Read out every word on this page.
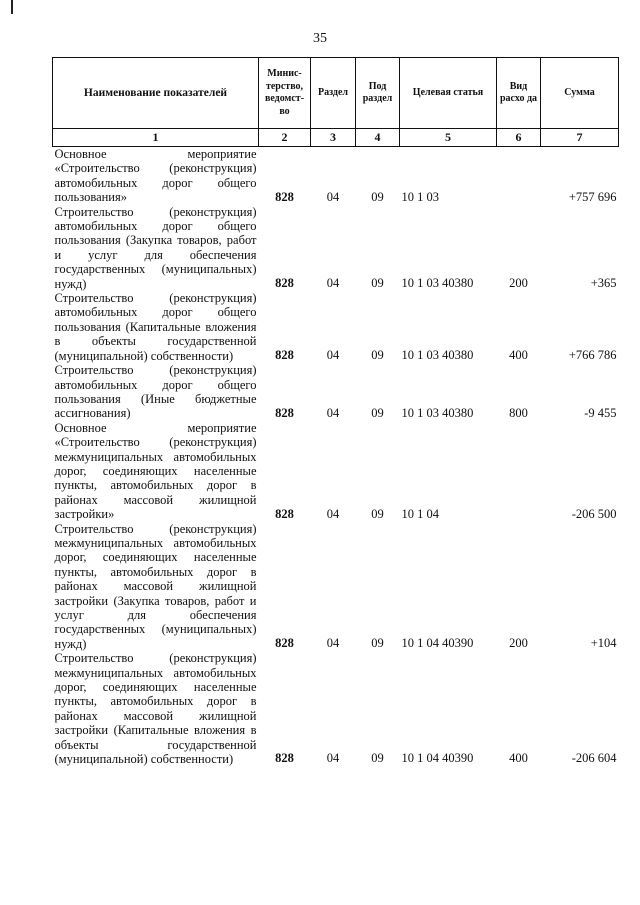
35
Наименование показателей	Минис-терство, ведомст-во	Раздел	Под раздел	Целевая статья	Вид расхо да	Сумма
1	2	3	4	5	6	7
Основное мероприятие «Строительство (реконструкция) автомобильных дорог общего пользования»	828	04	09	10 1 03		+757 696
Строительство (реконструкция) автомобильных дорог общего пользования (Закупка товаров, работ и услуг для обеспечения государственных (муниципальных) нужд)	828	04	09	10 1 03 40380	200	+365
Строительство (реконструкция) автомобильных дорог общего пользования (Капитальные вложения в объекты государственной (муниципальной) собственности)	828	04	09	10 1 03 40380	400	+766 786
Строительство (реконструкция) автомобильных дорог общего пользования (Иные бюджетные ассигнования)	828	04	09	10 1 03 40380	800	-9 455
Основное мероприятие «Строительство (реконструкция) межмуниципальных автомобильных дорог, соединяющих населенные пункты, автомобильных дорог в районах массовой жилищной застройки»	828	04	09	10 1 04		-206 500
Строительство (реконструкция) межмуниципальных автомобильных дорог, соединяющих населенные пункты, автомобильных дорог в районах массовой жилищной застройки (Закупка товаров, работ и услуг для обеспечения государственных (муниципальных) нужд)	828	04	09	10 1 04 40390	200	+104
Строительство (реконструкция) межмуниципальных автомобильных дорог, соединяющих населенные пункты, автомобильных дорог в районах массовой жилищной застройки (Капитальные вложения в объекты государственной (муниципальной) собственности)	828	04	09	10 1 04 40390	400	-206 604
